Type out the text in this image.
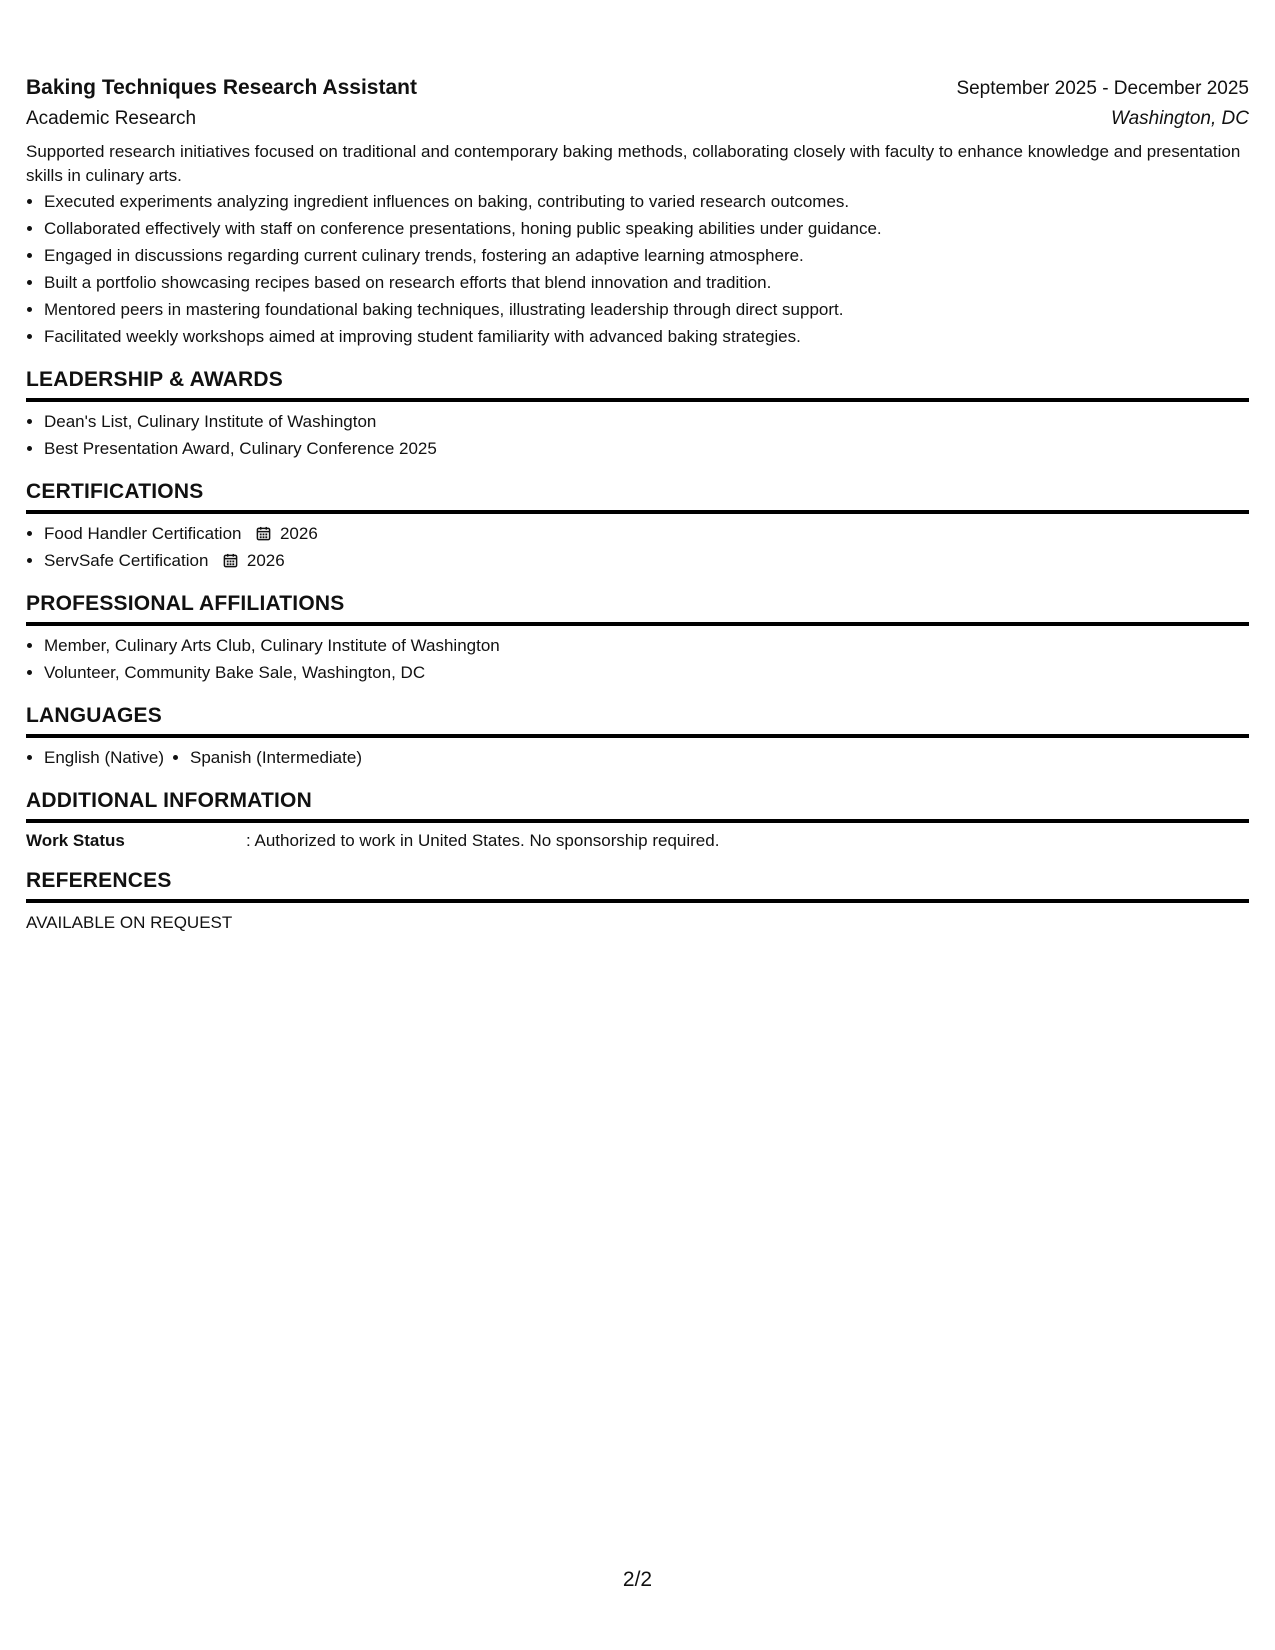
Baking Techniques Research Assistant	September 2025 - December 2025
Academic Research	Washington, DC
Supported research initiatives focused on traditional and contemporary baking methods, collaborating closely with faculty to enhance knowledge and presentation skills in culinary arts.
• Executed experiments analyzing ingredient influences on baking, contributing to varied research outcomes.
• Collaborated effectively with staff on conference presentations, honing public speaking abilities under guidance.
• Engaged in discussions regarding current culinary trends, fostering an adaptive learning atmosphere.
• Built a portfolio showcasing recipes based on research efforts that blend innovation and tradition.
• Mentored peers in mastering foundational baking techniques, illustrating leadership through direct support.
• Facilitated weekly workshops aimed at improving student familiarity with advanced baking strategies.
LEADERSHIP & AWARDS
• Dean's List, Culinary Institute of Washington
• Best Presentation Award, Culinary Conference 2025
CERTIFICATIONS
• Food Handler Certification 2026
• ServSafe Certification 2026
PROFESSIONAL AFFILIATIONS
• Member, Culinary Arts Club, Culinary Institute of Washington
• Volunteer, Community Bake Sale, Washington, DC
LANGUAGES
• English (Native)
• Spanish (Intermediate)
ADDITIONAL INFORMATION
Work Status	: Authorized to work in United States. No sponsorship required.
REFERENCES
AVAILABLE ON REQUEST
2/2
